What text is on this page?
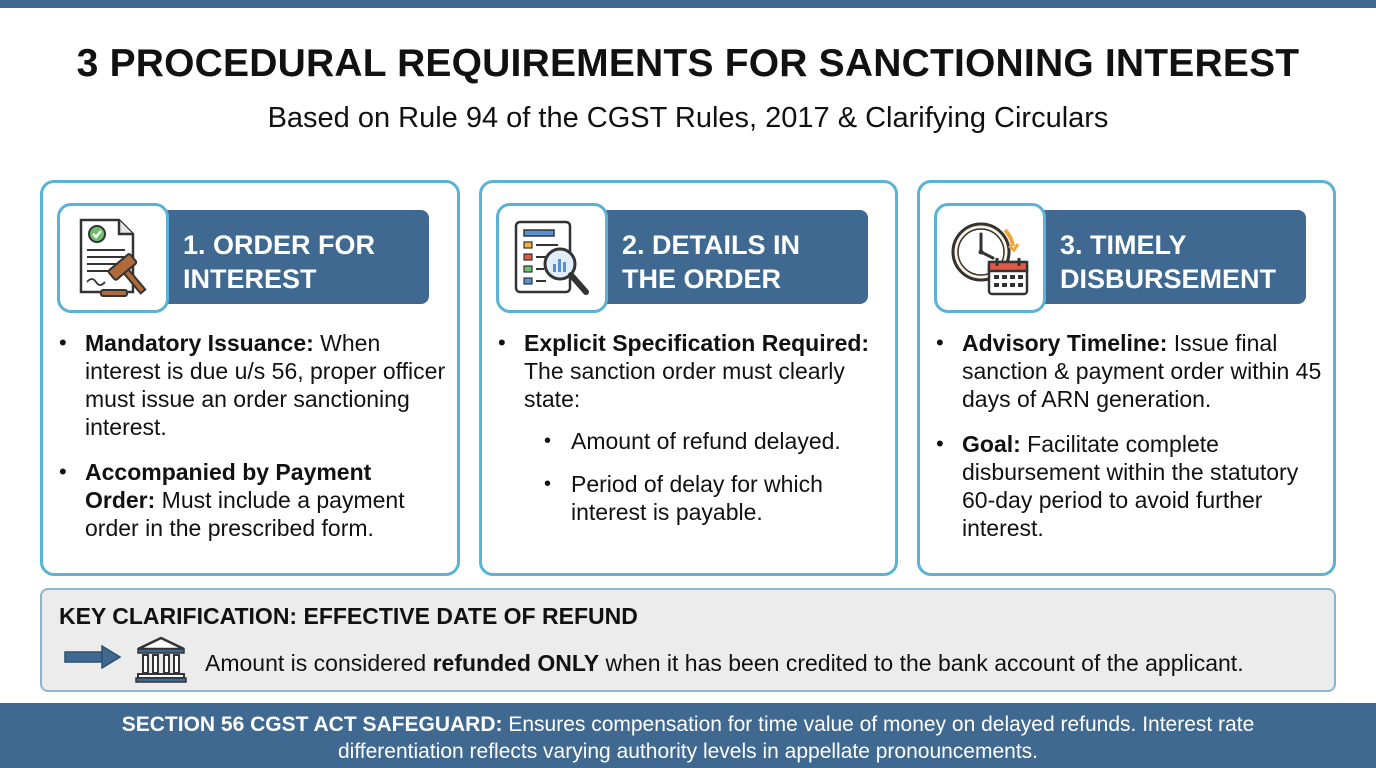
3 PROCEDURAL REQUIREMENTS FOR SANCTIONING INTEREST
Based on Rule 94 of the CGST Rules, 2017 & Clarifying Circulars
1. ORDER FOR
INTEREST
• Mandatory Issuance: When interest is due u/s 56, proper officer must issue an order sanctioning interest.
• Accompanied by Payment Order: Must include a payment order in the prescribed form.
2. DETAILS IN
THE ORDER
• Explicit Specification Required: The sanction order must clearly state:
• Amount of refund delayed.
• Period of delay for which interest is payable.
3. TIMELY
DISBURSEMENT
• Advisory Timeline: Issue final sanction & payment order within 45 days of ARN generation.
• Goal: Facilitate complete disbursement within the statutory 60-day period to avoid further interest.
KEY CLARIFICATION: EFFECTIVE DATE OF REFUND
Amount is considered refunded ONLY when it has been credited to the bank account of the applicant.
SECTION 56 CGST ACT SAFEGUARD: Ensures compensation for time value of money on delayed refunds. Interest rate
differentiation reflects varying authority levels in appellate pronouncements.
